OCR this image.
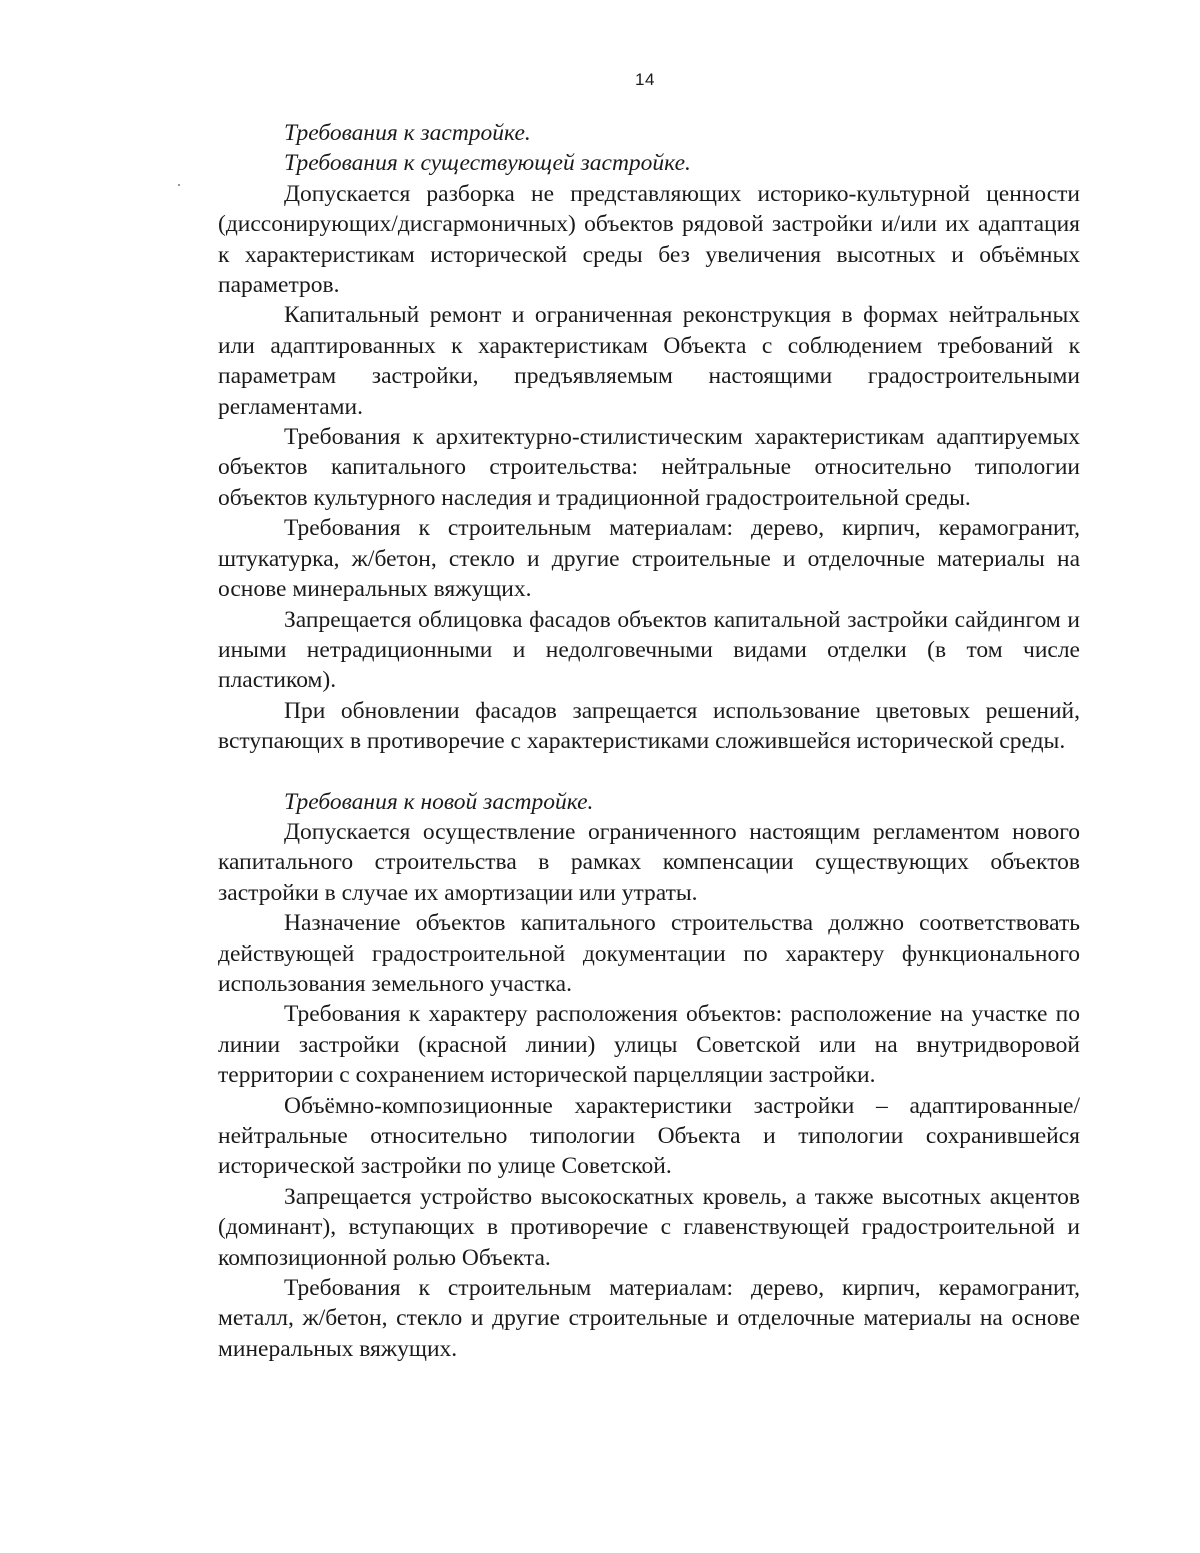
14

Требования к застройке.

Требования к существующей застройке.

Допускается разборка не представляющих историко-культурной ценности (диссонирующих/дисгармоничных) объектов рядовой застройки и/или их адаптация к характеристикам исторической среды без увеличения высотных и объёмных параметров.

Капитальный ремонт и ограниченная реконструкция в формах нейтральных или адаптированных к характеристикам Объекта с соблюдением требований к параметрам застройки, предъявляемым настоящими градостроительными регламентами.

Требования к архитектурно-стилистическим характеристикам адаптируемых объектов капитального строительства: нейтральные относительно типологии объектов культурного наследия и традиционной градостроительной среды.

Требования к строительным материалам: дерево, кирпич, керамогранит, штукатурка, ж/бетон, стекло и другие строительные и отделочные материалы на основе минеральных вяжущих.

Запрещается облицовка фасадов объектов капитальной застройки сайдингом и иными нетрадиционными и недолговечными видами отделки (в том числе пластиком).

При обновлении фасадов запрещается использование цветовых решений, вступающих в противоречие с характеристиками сложившейся исторической среды.

Требования к новой застройке.

Допускается осуществление ограниченного настоящим регламентом нового капитального строительства в рамках компенсации существующих объектов застройки в случае их амортизации или утраты.

Назначение объектов капитального строительства должно соответствовать действующей градостроительной документации по характеру функционального использования земельного участка.

Требования к характеру расположения объектов: расположение на участке по линии застройки (красной линии) улицы Советской или на внутридворовой территории с сохранением исторической парцелляции застройки.

Объёмно-композиционные характеристики застройки – адаптированные/нейтральные относительно типологии Объекта и типологии сохранившейся исторической застройки по улице Советской.

Запрещается устройство высокоскатных кровель, а также высотных акцентов (доминант), вступающих в противоречие с главенствующей градостроительной и композиционной ролью Объекта.

Требования к строительным материалам: дерево, кирпич, керамогранит, металл, ж/бетон, стекло и другие строительные и отделочные материалы на основе минеральных вяжущих.
